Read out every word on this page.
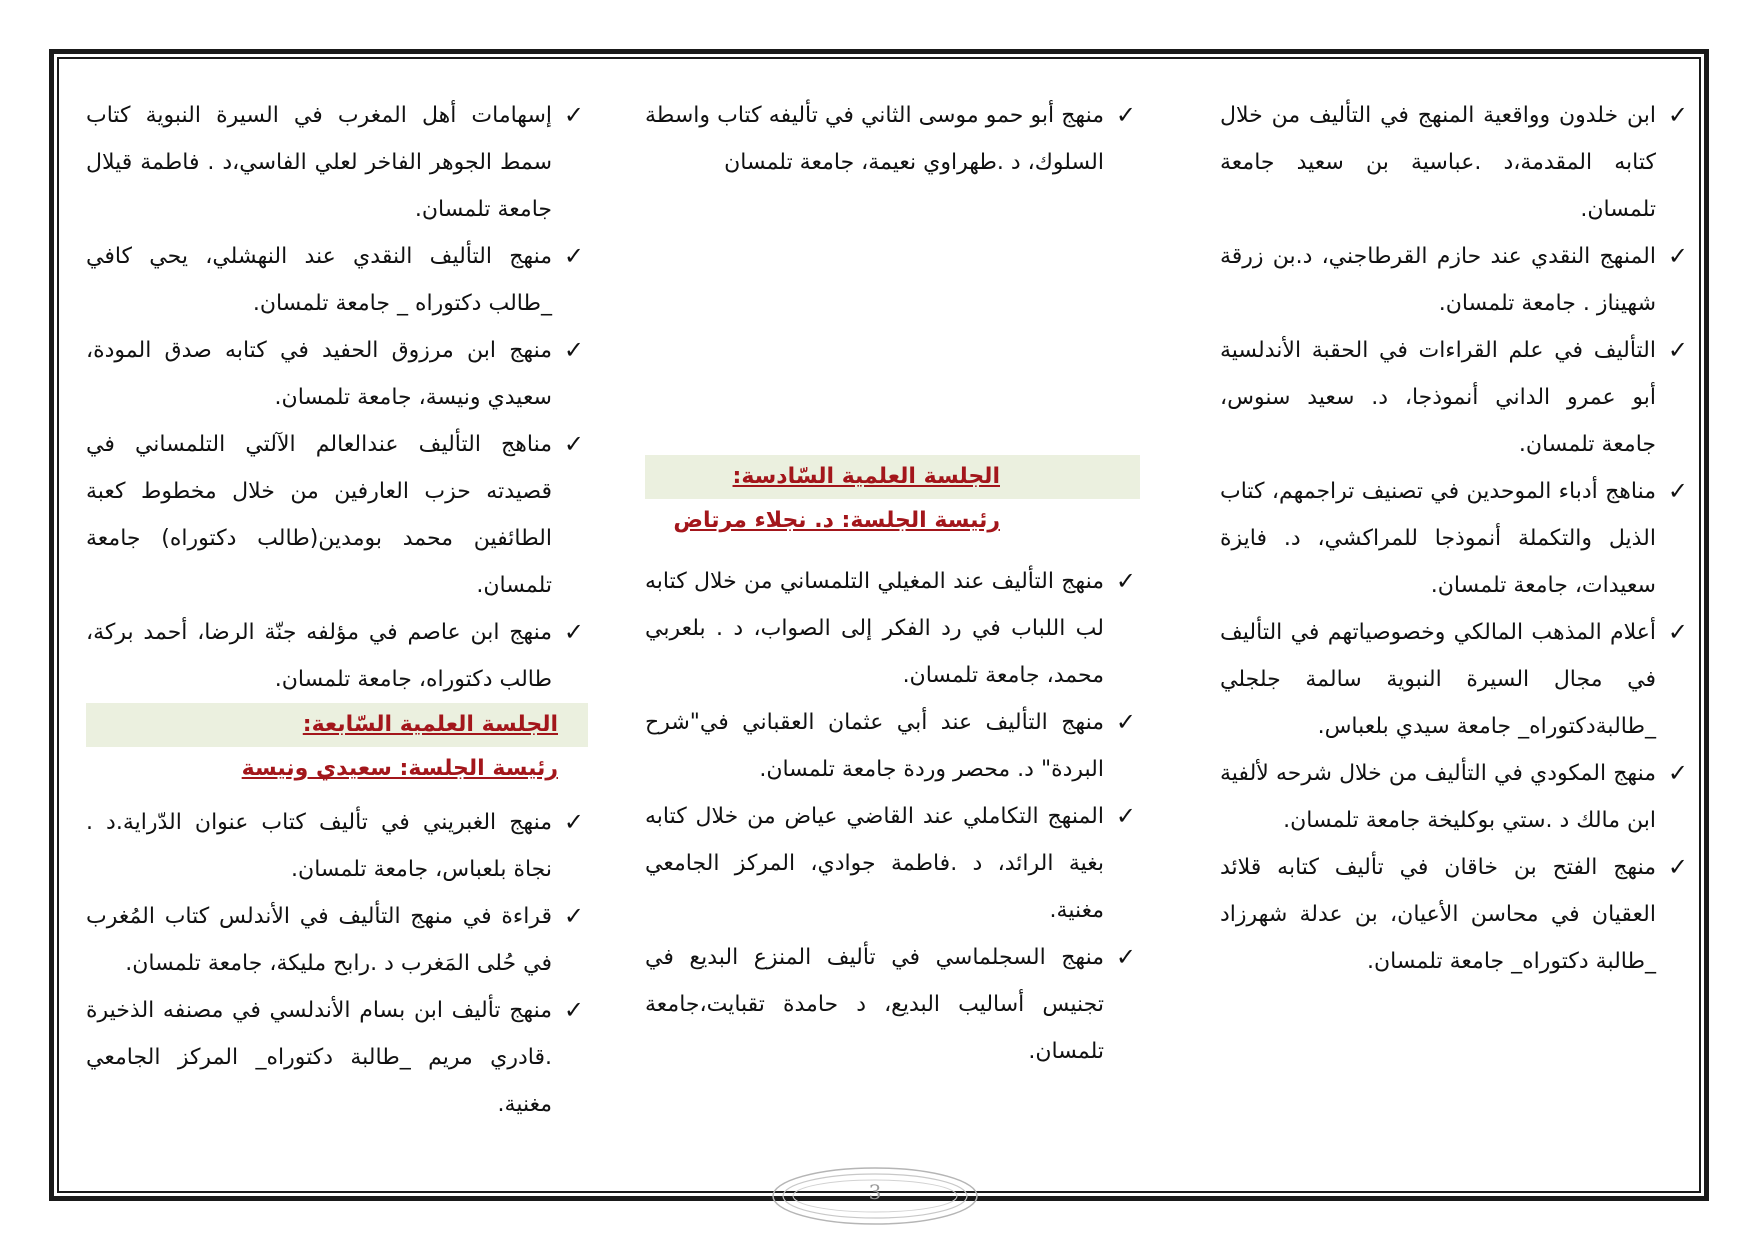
✓
ابن خلدون وواقعية المنهج في التأليف من خلال كتابه المقدمة،د .عباسية بن سعيد جامعة تلمسان.
✓
المنهج النقدي عند حازم القرطاجني، د.بن زرقة شهيناز . جامعة تلمسان.
✓
التأليف في علم القراءات في الحقبة الأندلسية أبو عمرو الداني أنموذجا، د. سعيد سنوس، جامعة تلمسان.
✓
مناهج أدباء الموحدين في تصنيف تراجمهم، كتاب الذيل والتكملة أنموذجا للمراكشي، د. فايزة سعيدات، جامعة تلمسان.
✓
أعلام المذهب المالكي وخصوصياتهم في التأليف في مجال السيرة النبوية سالمة جلجلي _طالبةدكتوراه_ جامعة سيدي بلعباس.
✓
منهج المكودي في التأليف من خلال شرحه لألفية ابن مالك د .ستي بوكليخة جامعة تلمسان.
✓
منهج الفتح بن خاقان في تأليف كتابه قلائد العقيان في محاسن الأعيان، بن عدلة شهرزاد _طالبة دكتوراه_ جامعة تلمسان.
✓
منهج أبو حمو موسى الثاني في تأليفه كتاب واسطة السلوك، د .طهراوي نعيمة، جامعة تلمسان
الجلسة العلمية السّادسة:
رئيسة الجلسة: د. نجلاء مرتاض
✓
منهج التأليف عند المغيلي التلمساني من خلال كتابه لب اللباب في رد الفكر إلى الصواب، د . بلعربي محمد، جامعة تلمسان.
✓
منهج التأليف عند أبي عثمان العقباني في"شرح البردة" د. محصر وردة جامعة تلمسان.
✓
المنهج التكاملي عند القاضي عياض من خلال كتابه بغية الرائد، د .فاطمة جوادي، المركز الجامعي مغنية.
✓
منهج السجلماسي في تأليف المنزع البديع في تجنيس أساليب البديع، د حامدة تقبايت،جامعة تلمسان.
✓
إسهامات أهل المغرب في السيرة النبوية كتاب سمط الجوهر الفاخر لعلي الفاسي،د . فاطمة قيلال جامعة تلمسان.
✓
منهج التأليف النقدي عند النهشلي، يحي كافي _طالب دكتوراه _ جامعة تلمسان.
✓
منهج ابن مرزوق الحفيد في كتابه صدق المودة، سعيدي ونيسة، جامعة تلمسان.
✓
مناهج التأليف عندالعالم الآلتي التلمساني في قصيدته حزب العارفين من خلال مخطوط كعبة الطائفين محمد بومدين(طالب دكتوراه) جامعة تلمسان.
✓
منهج ابن عاصم في مؤلفه جنّة الرضا، أحمد بركة، طالب دكتوراه، جامعة تلمسان.
الجلسة العلمية السّابعة:
رئيسة الجلسة: سعيدي ونيسة
✓
منهج الغبريني في تأليف كتاب عنوان الدّراية.د . نجاة بلعباس، جامعة تلمسان.
✓
قراءة في منهج التأليف في الأندلس كتاب المُغرب في حُلى المَغرب د .رابح مليكة، جامعة تلمسان.
✓
منهج تأليف ابن بسام الأندلسي في مصنفه الذخيرة .قادري مريم _طالبة دكتوراه_ المركز الجامعي مغنية.
3
